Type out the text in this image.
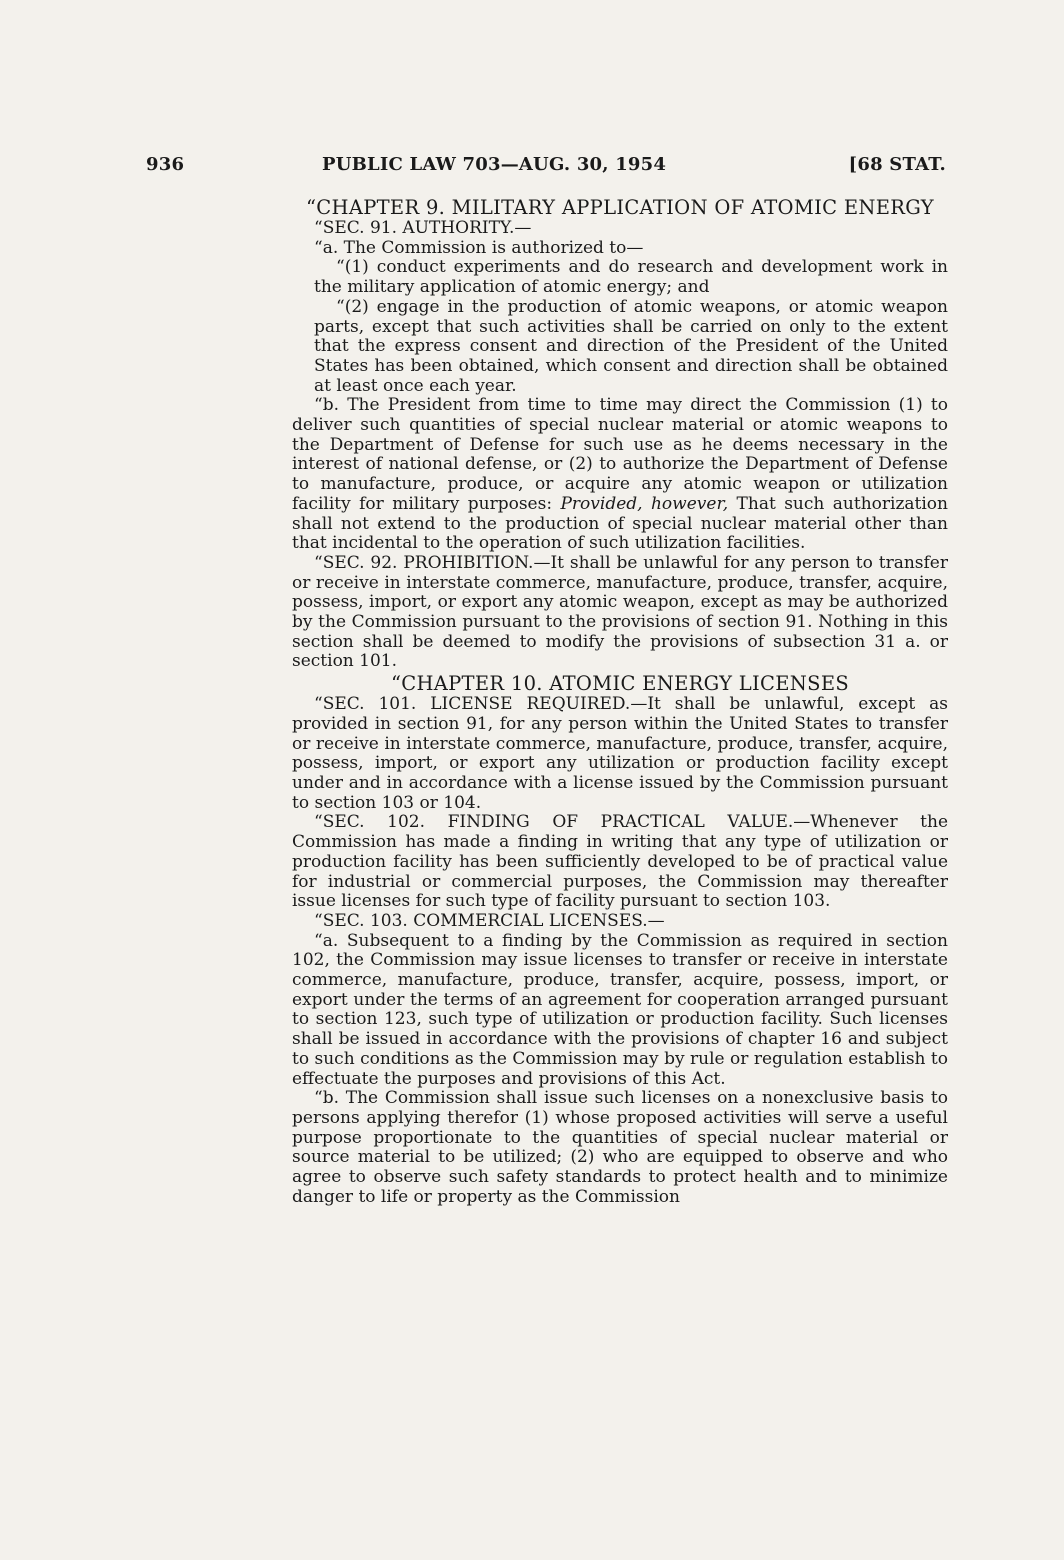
936	PUBLIC LAW 703—AUG. 30, 1954	[68 STAT.

“CHAPTER 9. MILITARY APPLICATION OF ATOMIC ENERGY

“SEC. 91. AUTHORITY.—

“a. The Commission is authorized to—

“(1) conduct experiments and do research and development work in the military application of atomic energy; and

“(2) engage in the production of atomic weapons, or atomic weapon parts, except that such activities shall be carried on only to the extent that the express consent and direction of the President of the United States has been obtained, which consent and direction shall be obtained at least once each year.

“b. The President from time to time may direct the Commission (1) to deliver such quantities of special nuclear material or atomic weapons to the Department of Defense for such use as he deems necessary in the interest of national defense, or (2) to authorize the Department of Defense to manufacture, produce, or acquire any atomic weapon or utilization facility for military purposes: Provided, however, That such authorization shall not extend to the production of special nuclear material other than that incidental to the operation of such utilization facilities.

“SEC. 92. PROHIBITION.—It shall be unlawful for any person to transfer or receive in interstate commerce, manufacture, produce, transfer, acquire, possess, import, or export any atomic weapon, except as may be authorized by the Commission pursuant to the provisions of section 91. Nothing in this section shall be deemed to modify the provisions of subsection 31 a. or section 101.

“CHAPTER 10. ATOMIC ENERGY LICENSES

“SEC. 101. LICENSE REQUIRED.—It shall be unlawful, except as provided in section 91, for any person within the United States to transfer or receive in interstate commerce, manufacture, produce, transfer, acquire, possess, import, or export any utilization or production facility except under and in accordance with a license issued by the Commission pursuant to section 103 or 104.

“SEC. 102. FINDING OF PRACTICAL VALUE.—Whenever the Commission has made a finding in writing that any type of utilization or production facility has been sufficiently developed to be of practical value for industrial or commercial purposes, the Commission may thereafter issue licenses for such type of facility pursuant to section 103.

“SEC. 103. COMMERCIAL LICENSES.—

“a. Subsequent to a finding by the Commission as required in section 102, the Commission may issue licenses to transfer or receive in interstate commerce, manufacture, produce, transfer, acquire, possess, import, or export under the terms of an agreement for cooperation arranged pursuant to section 123, such type of utilization or production facility. Such licenses shall be issued in accordance with the provisions of chapter 16 and subject to such conditions as the Commission may by rule or regulation establish to effectuate the purposes and provisions of this Act.

“b. The Commission shall issue such licenses on a nonexclusive basis to persons applying therefor (1) whose proposed activities will serve a useful purpose proportionate to the quantities of special nuclear material or source material to be utilized; (2) who are equipped to observe and who agree to observe such safety standards to protect health and to minimize danger to life or property as the Commission
